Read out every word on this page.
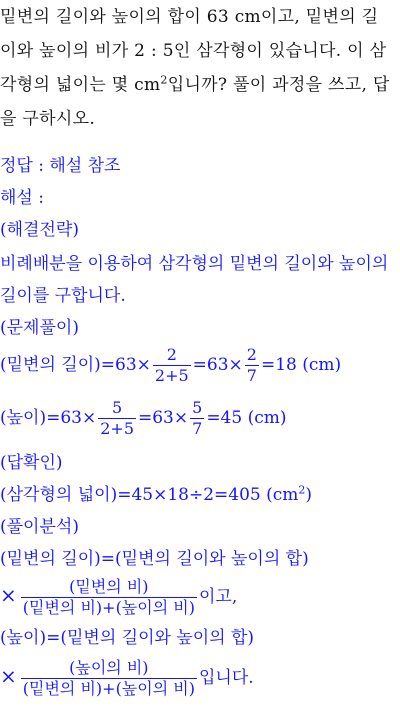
밑변의 길이와 높이의 합이 63 cm이고, 밑변의 길
이와 높이의 비가 2 : 5인 삼각형이 있습니다. 이 삼
각형의 넓이는 몇 $cm^2$입니까? 풀이 과정을 쓰고, 답
을 구하시오.
정답 : 해설 참조
해설 :
(해결전략)
비례배분을 이용하여 삼각형의 밑변의 길이와 높이의
길이를 구합니다.
(문제풀이)
(밑변의 길이)$=63\times \frac{2}{2+5} =63\times \frac{2}{7} =18$ (cm)
(높이)$=63\times \frac{5}{2+5} =63\times \frac{5}{7} =45$ (cm)
(답확인)
(삼각형의 넓이)=45×18÷2=405 $(cm^2)$
(풀이분석)
(밑변의 길이)=(밑변의 길이와 높이의 합)
× $\frac{\text{(밑변의 비)}}{\text{(밑변의 비)+(높이의 비)}}$ 이고,
(높이)=(밑변의 길이와 높이의 합)
× $\frac{\text{(높이의 비)}}{\text{(밑변의 비)+(높이의 비)}}$ 입니다.
